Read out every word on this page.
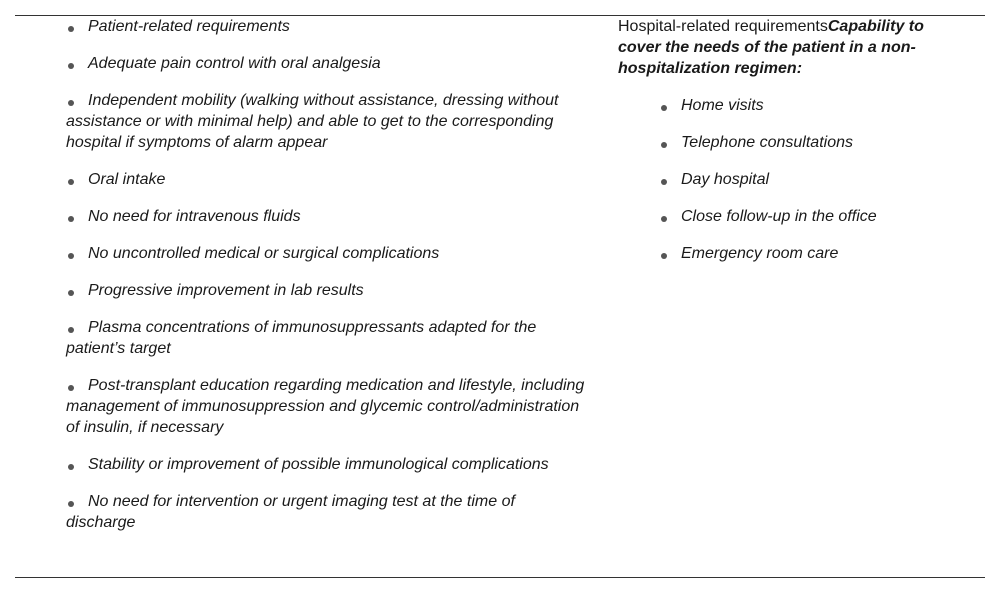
Patient-related requirements
Adequate pain control with oral analgesia
Independent mobility (walking without assistance, dressing without assistance or with minimal help) and able to get to the corresponding hospital if symptoms of alarm appear
Oral intake
No need for intravenous fluids
No uncontrolled medical or surgical complications
Progressive improvement in lab results
Plasma concentrations of immunosuppressants adapted for the patient’s target
Post-transplant education regarding medication and lifestyle, including management of immunosuppression and glycemic control/administration of insulin, if necessary
Stability or improvement of possible immunological complications
No need for intervention or urgent imaging test at the time of discharge

Hospital-related requirementsCapability to cover the needs of the patient in a non-hospitalization regimen:

Home visits
Telephone consultations
Day hospital
Close follow-up in the office
Emergency room care
